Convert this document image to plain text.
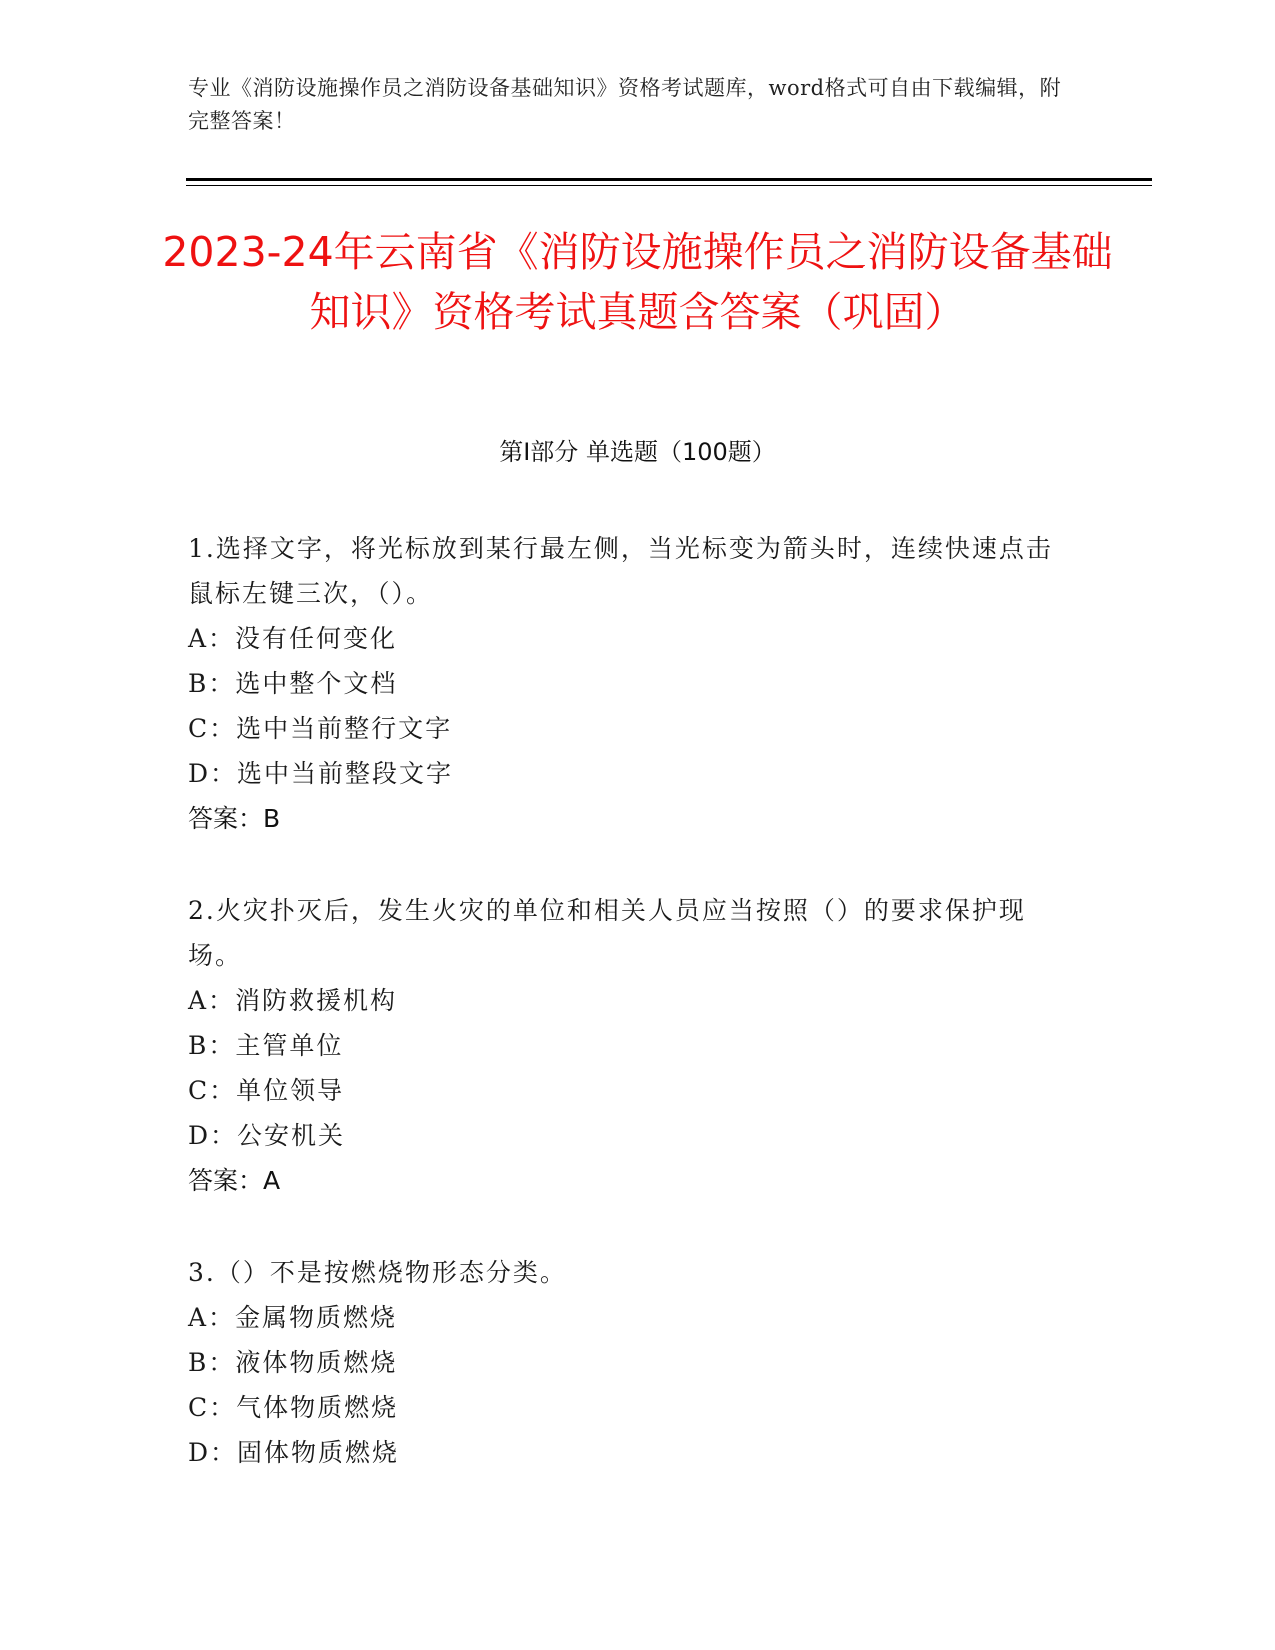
专业《消防设施操作员之消防设备基础知识》资格考试题库，word格式可自由下载编辑，附完整答案！
2023-24年云南省《消防设施操作员之消防设备基础知识》资格考试真题含答案（巩固）
第Ⅰ部分 单选题（100题）
1.选择文字，将光标放到某行最左侧，当光标变为箭头时，连续快速点击鼠标左键三次，（）。
A：没有任何变化
B：选中整个文档
C：选中当前整行文字
D：选中当前整段文字
答案：B
2.火灾扑灭后，发生火灾的单位和相关人员应当按照（）的要求保护现场。
A：消防救援机构
B：主管单位
C：单位领导
D：公安机关
答案：A
3.（）不是按燃烧物形态分类。
A：金属物质燃烧
B：液体物质燃烧
C：气体物质燃烧
D：固体物质燃烧
